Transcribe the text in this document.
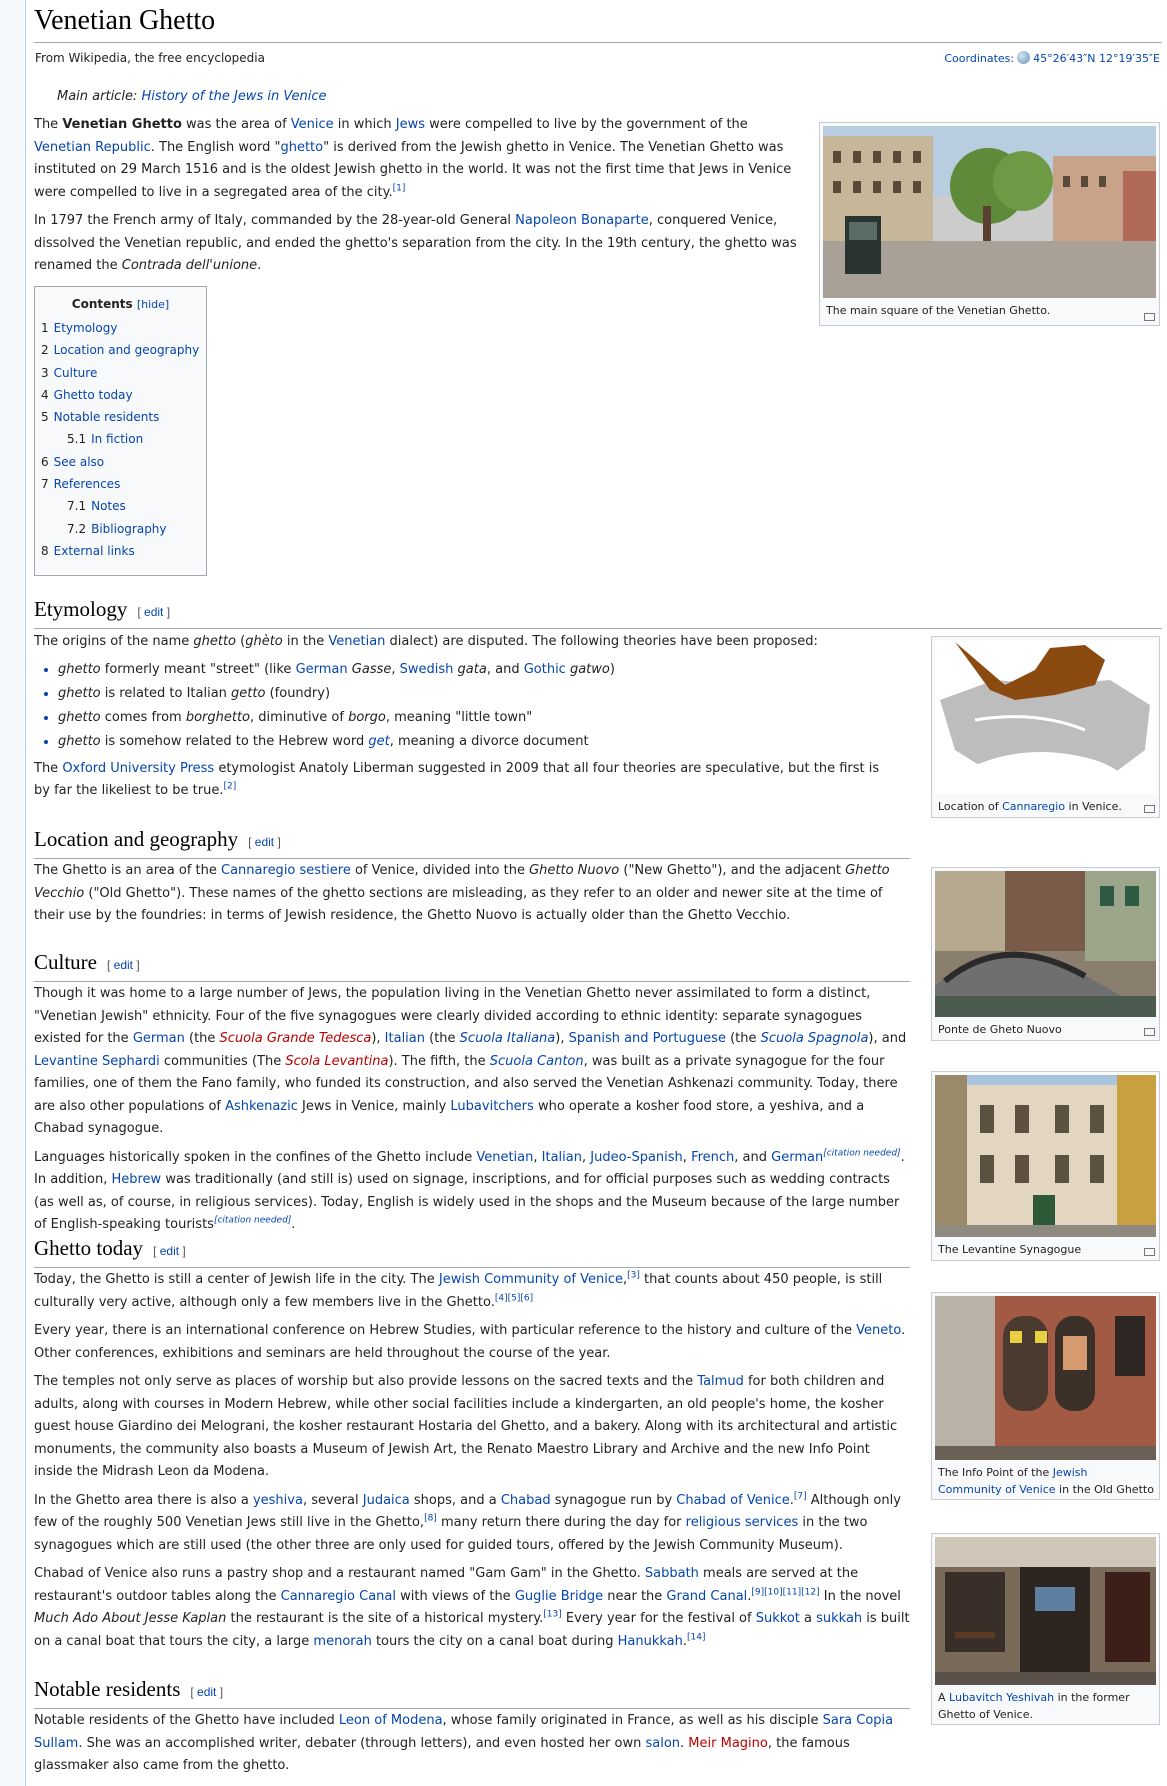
Venetian Ghetto
From Wikipedia, the free encyclopedia	Coordinates: 45°26′43″N 12°19′35″E
Main article: History of the Jews in Venice

The Venetian Ghetto was the area of Venice in which Jews were compelled to live by the government of the Venetian Republic. The English word "ghetto" is derived from the Jewish ghetto in Venice. The Venetian Ghetto was instituted on 29 March 1516 and is the oldest Jewish ghetto in the world. It was not the first time that Jews in Venice were compelled to live in a segregated area of the city.[1]

In 1797 the French army of Italy, commanded by the 28-year-old General Napoleon Bonaparte, conquered Venice, dissolved the Venetian republic, and ended the ghetto's separation from the city. In the 19th century, the ghetto was renamed the Contrada dell'unione.

Contents [hide]
1 Etymology
2 Location and geography
3 Culture
4 Ghetto today
5 Notable residents
5.1 In fiction
6 See also
7 References
7.1 Notes
7.2 Bibliography
8 External links
The main square of the Venetian Ghetto.
Etymology [ edit ]

The origins of the name ghetto (ghèto in the Venetian dialect) are disputed. The following theories have been proposed:

• ghetto formerly meant "street" (like German Gasse, Swedish gata, and Gothic gatwo)
• ghetto is related to Italian getto (foundry)
• ghetto comes from borghetto, diminutive of borgo, meaning "little town"
• ghetto is somehow related to the Hebrew word get, meaning a divorce document

The Oxford University Press etymologist Anatoly Liberman suggested in 2009 that all four theories are speculative, but the first is by far the likeliest to be true.[2]

Location of Cannaregio in Venice.
Location and geography [ edit ]

The Ghetto is an area of the Cannaregio sestiere of Venice, divided into the Ghetto Nuovo ("New Ghetto"), and the adjacent Ghetto Vecchio ("Old Ghetto"). These names of the ghetto sections are misleading, as they refer to an older and newer site at the time of their use by the foundries: in terms of Jewish residence, the Ghetto Nuovo is actually older than the Ghetto Vecchio.

Ponte de Gheto Nuovo
Culture [ edit ]

Though it was home to a large number of Jews, the population living in the Venetian Ghetto never assimilated to form a distinct, "Venetian Jewish" ethnicity. Four of the five synagogues were clearly divided according to ethnic identity: separate synagogues existed for the German (the Scuola Grande Tedesca), Italian (the Scuola Italiana), Spanish and Portuguese (the Scuola Spagnola), and Levantine Sephardi communities (The Scola Levantina). The fifth, the Scuola Canton, was built as a private synagogue for the four families, one of them the Fano family, who funded its construction, and also served the Venetian Ashkenazi community. Today, there are also other populations of Ashkenazic Jews in Venice, mainly Lubavitchers who operate a kosher food store, a yeshiva, and a Chabad synagogue.

Languages historically spoken in the confines of the Ghetto include Venetian, Italian, Judeo-Spanish, French, and German[citation needed]. In addition, Hebrew was traditionally (and still is) used on signage, inscriptions, and for official purposes such as wedding contracts (as well as, of course, in religious services). Today, English is widely used in the shops and the Museum because of the large number of English-speaking tourists[citation needed].

The Levantine Synagogue
Ghetto today [ edit ]

Today, the Ghetto is still a center of Jewish life in the city. The Jewish Community of Venice,[3] that counts about 450 people, is still culturally very active, although only a few members live in the Ghetto.[4][5][6]

Every year, there is an international conference on Hebrew Studies, with particular reference to the history and culture of the Veneto. Other conferences, exhibitions and seminars are held throughout the course of the year.

The temples not only serve as places of worship but also provide lessons on the sacred texts and the Talmud for both children and adults, along with courses in Modern Hebrew, while other social facilities include a kindergarten, an old people's home, the kosher guest house Giardino dei Melograni, the kosher restaurant Hostaria del Ghetto, and a bakery. Along with its architectural and artistic monuments, the community also boasts a Museum of Jewish Art, the Renato Maestro Library and Archive and the new Info Point inside the Midrash Leon da Modena.

In the Ghetto area there is also a yeshiva, several Judaica shops, and a Chabad synagogue run by Chabad of Venice.[7] Although only few of the roughly 500 Venetian Jews still live in the Ghetto,[8] many return there during the day for religious services in the two synagogues which are still used (the other three are only used for guided tours, offered by the Jewish Community Museum).

Chabad of Venice also runs a pastry shop and a restaurant named "Gam Gam" in the Ghetto. Sabbath meals are served at the restaurant's outdoor tables along the Cannaregio Canal with views of the Guglie Bridge near the Grand Canal.[9][10][11][12] In the novel Much Ado About Jesse Kaplan the restaurant is the site of a historical mystery.[13] Every year for the festival of Sukkot a sukkah is built on a canal boat that tours the city, a large menorah tours the city on a canal boat during Hanukkah.[14]

The Info Point of the Jewish Community of Venice in the Old Ghetto
A Lubavitch Yeshivah in the former Ghetto of Venice.
Notable residents [ edit ]

Notable residents of the Ghetto have included Leon of Modena, whose family originated in France, as well as his disciple Sara Copia Sullam. She was an accomplished writer, debater (through letters), and even hosted her own salon. Meir Magino, the famous glassmaker also came from the ghetto.
